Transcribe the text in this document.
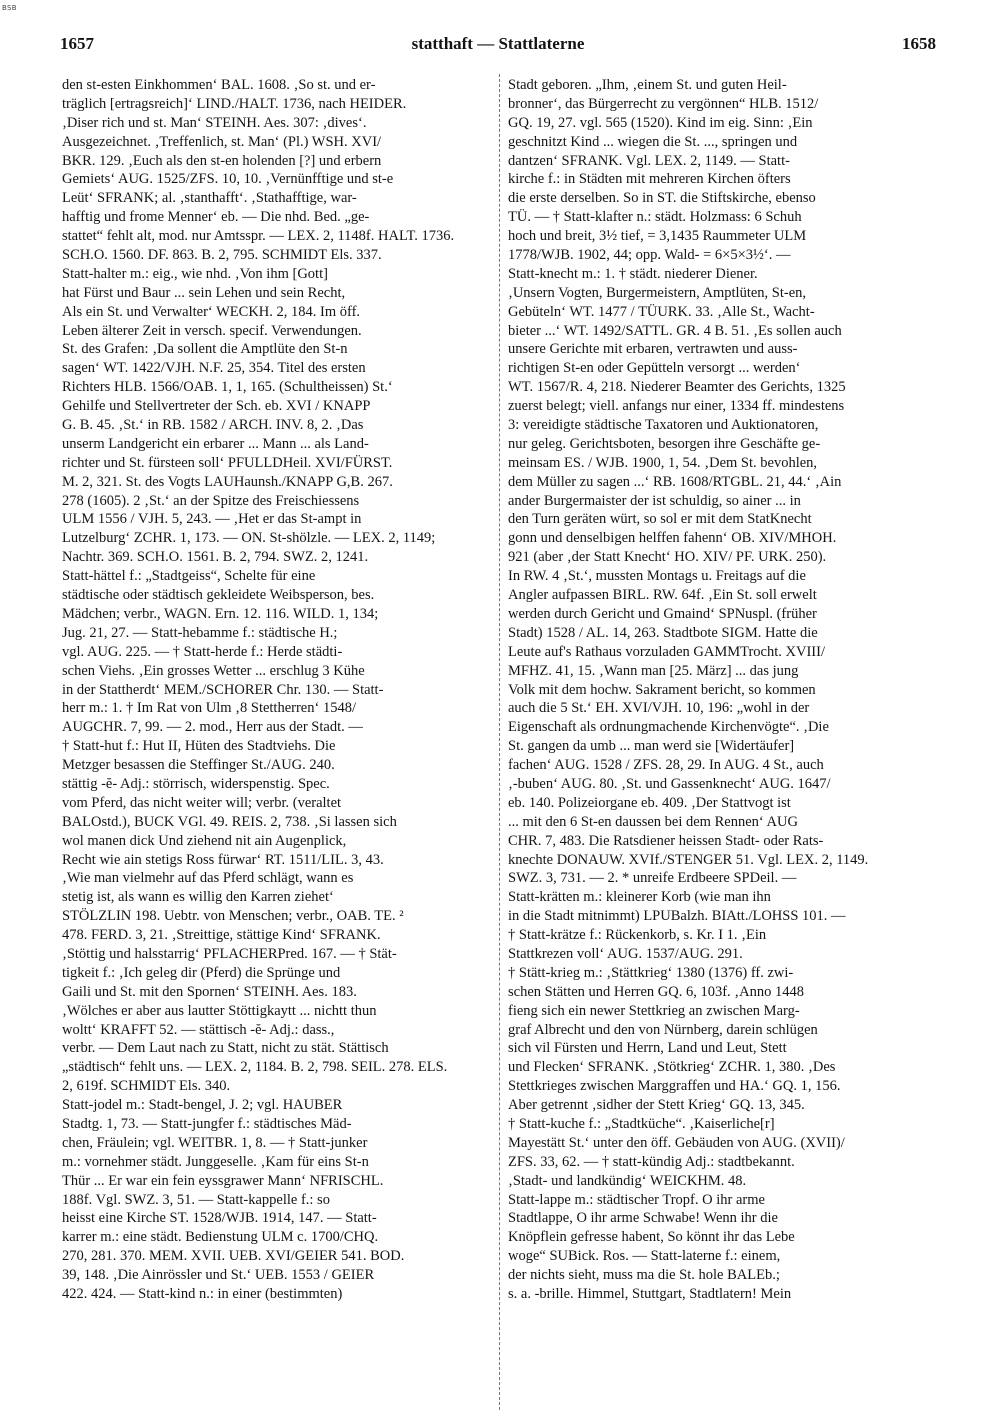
BSB
1657	statthaft — Stattlaterne	1658
den st-esten Einkhommen‘ BAL. 1608. ‚So st. und er-
träglich [ertragsreich]‘ LIND./HALT. 1736, nach HEIDER.
‚Diser rich und st. Man‘ STEINH. Aes. 307: ‚dives‘.
Ausgezeichnet. ‚Treffenlich, st. Man‘ (Pl.) WSH. XVI/
BKR. 129. ‚Euch als den st-en holenden [?] und erbern
Gemiets‘ AUG. 1525/ZFS. 10, 10. ‚Vernünfftige und st-e
Leüt‘ SFRANK; al. ‚stanthafft‘. ‚Stathafftige, war-
hafftig und frome Menner‘ eb. — Die nhd. Bed. „ge-
stattet“ fehlt alt, mod. nur Amtsspr. — LEX. 2, 1148f. HALT. 1736.
SCH.O. 1560. DF. 863. B. 2, 795. SCHMIDT Els. 337.
Statt-halter m.: eig., wie nhd. ‚Von ihm [Gott]
hat Fürst und Baur ... sein Lehen und sein Recht,
Als ein St. und Verwalter‘ WECKH. 2, 184. Im öff.
Leben älterer Zeit in versch. specif. Verwendungen.
St. des Grafen: ‚Da sollent die Amptlüte den St-n
sagen‘ WT. 1422/VJH. N.F. 25, 354. Titel des ersten
Richters HLB. 1566/OAB. 1, 1, 165. (Schultheissen) St.‘
Gehilfe und Stellvertreter der Sch. eb. XVI / KNAPP
G. B. 45. ‚St.‘ in RB. 1582 / ARCH. INV. 8, 2. ‚Das
unserm Landgericht ein erbarer ... Mann ... als Land-
richter und St. fürsteen soll‘ PFULLDHeil. XVI/FÜRST.
M. 2, 321. St. des Vogts LAUHaunsh./KNAPP G,B. 267.
278 (1605). 2 ‚St.‘ an der Spitze des Freischiessens
ULM 1556 / VJH. 5, 243. — ‚Het er das St-ampt in
Lutzelburg‘ ZCHR. 1, 173. — ON. St-shölzle. — LEX. 2, 1149;
Nachtr. 369. SCH.O. 1561. B. 2, 794. SWZ. 2, 1241.
Statt-hättel f.: „Stadtgeiss“, Schelte für eine
städtische oder städtisch gekleidete Weibsperson, bes.
Mädchen; verbr., WAGN. Ern. 12. 116. WILD. 1, 134;
Jug. 21, 27. — Statt-hebamme f.: städtische H.;
vgl. AUG. 225. — † Statt-herde f.: Herde städti-
schen Viehs. ‚Ein grosses Wetter ... erschlug 3 Kühe
in der Stattherdt‘ MEM./SCHORER Chr. 130. — Statt-
herr m.: 1. † Im Rat von Ulm ‚8 Stettherren‘ 1548/
AUGCHR. 7, 99. — 2. mod., Herr aus der Stadt. —
† Statt-hut f.: Hut II, Hüten des Stadtviehs. Die
Metzger besassen die Steffinger St./AUG. 240.
stättig -ĕ- Adj.: störrisch, widerspenstig. Spec.
vom Pferd, das nicht weiter will; verbr. (veraltet
BALOstd.), BUCK VGl. 49. REIS. 2, 738. ‚Si lassen sich
wol manen dick Und ziehend nit ain Augenplick,
Recht wie ain stetigs Ross fürwar‘ RT. 1511/LIL. 3, 43.
‚Wie man vielmehr auf das Pferd schlägt, wann es
stetig ist, als wann es willig den Karren ziehet‘
STÖLZLIN 198. Uebtr. von Menschen; verbr., OAB. TE. ²
478. FERD. 3, 21. ‚Streittige, stättige Kind‘ SFRANK.
‚Stöttig und halsstarrig‘ PFLACHERPred. 167. — † Stät-
tigkeit f.: ‚Ich geleg dir (Pferd) die Sprünge und
Gaili und St. mit den Spornen‘ STEINH. Aes. 183.
‚Wölches er aber aus lautter Stöttigkaytt ... nichtt thun
woltt‘ KRAFFT 52. — stättisch -ĕ- Adj.: dass.,
verbr. — Dem Laut nach zu Statt, nicht zu stät. Stättisch
„städtisch“ fehlt uns. — LEX. 2, 1184. B. 2, 798. SEIL. 278. ELS.
2, 619f. SCHMIDT Els. 340.
Statt-jodel m.: Stadt-bengel, J. 2; vgl. HAUBER
Stadtg. 1, 73. — Statt-jungfer f.: städtisches Mäd-
chen, Fräulein; vgl. WEITBR. 1, 8. — † Statt-junker
m.: vornehmer städt. Junggeselle. ‚Kam für eins St-n
Thür ... Er war ein fein eyssgrawer Mann‘ NFRISCHL.
188f. Vgl. SWZ. 3, 51. — Statt-kappelle f.: so
heisst eine Kirche ST. 1528/WJB. 1914, 147. — Statt-
karrer m.: eine städt. Bedienstung ULM c. 1700/CHQ.
270, 281. 370. MEM. XVII. UEB. XVI/GEIER 541. BOD.
39, 148. ‚Die Ainrössler und St.‘ UEB. 1553 / GEIER
422. 424. — Statt-kind n.: in einer (bestimmten)
Stadt geboren. „Ihm, ‚einem St. und guten Heil-
bronner‘, das Bürgerrecht zu vergönnen“ HLB. 1512/
GQ. 19, 27. vgl. 565 (1520). Kind im eig. Sinn: ‚Ein
geschnitzt Kind ... wiegen die St. ..., springen und
dantzen‘ SFRANK. Vgl. LEX. 2, 1149. — Statt-
kirche f.: in Städten mit mehreren Kirchen öfters
die erste derselben. So in ST. die Stiftskirche, ebenso
TÜ. — † Statt-klafter n.: städt. Holzmass: 6 Schuh
hoch und breit, 3½ tief, = 3,1435 Raummeter ULM
1778/WJB. 1902, 44; opp. Wald- = 6×5×3½‘. —
Statt-knecht m.: 1. † städt. niederer Diener.
‚Unsern Vogten, Burgermeistern, Amptlüten, St-en,
Gebüteln‘ WT. 1477 / TÜURK. 33. ‚Alle St., Wacht-
bieter ...‘ WT. 1492/SATTL. GR. 4 B. 51. ‚Es sollen auch
unsere Gerichte mit erbaren, vertrawten und auss-
richtigen St-en oder Gepütteln versorgt ... werden‘
WT. 1567/R. 4, 218. Niederer Beamter des Gerichts, 1325
zuerst belegt; viell. anfangs nur einer, 1334 ff. mindestens
3: vereidigte städtische Taxatoren und Auktionatoren,
nur geleg. Gerichtsboten, besorgen ihre Geschäfte ge-
meinsam ES. / WJB. 1900, 1, 54. ‚Dem St. bevohlen,
dem Müller zu sagen ...‘ RB. 1608/RTGBL. 21, 44.‘ ‚Ain
ander Burgermaister der ist schuldig, so ainer ... in
den Turn geräten würt, so sol er mit dem StatKnecht
gonn und denselbigen helffen fahenn‘ OB. XIV/MHOH.
921 (aber ‚der Statt Knecht‘ HO. XIV/ PF. URK. 250).
In RW. 4 ‚St.‘, mussten Montags u. Freitags auf die
Angler aufpassen BIRL. RW. 64f. ‚Ein St. soll erwelt
werden durch Gericht und Gmaind‘ SPNuspl. (früher
Stadt) 1528 / AL. 14, 263. Stadtbote SIGM. Hatte die
Leute auf's Rathaus vorzuladen GAMMTrocht. XVIII/
MFHZ. 41, 15. ‚Wann man [25. März] ... das jung
Volk mit dem hochw. Sakrament bericht, so kommen
auch die 5 St.‘ EH. XVI/VJH. 10, 196: „wohl in der
Eigenschaft als ordnungmachende Kirchenvögte“. ‚Die
St. gangen da umb ... man werd sie [Widertäufer]
fachen‘ AUG. 1528 / ZFS. 28, 29. In AUG. 4 St., auch
‚-buben‘ AUG. 80. ‚St. und Gassenknecht‘ AUG. 1647/
eb. 140. Polizeiorgane eb. 409. ‚Der Stattvogt ist
... mit den 6 St-en daussen bei dem Rennen‘ AUG
CHR. 7, 483. Die Ratsdiener heissen Stadt- oder Rats-
knechte DONAUW. XVIf./STENGER 51. Vgl. LEX. 2, 1149.
SWZ. 3, 731. — 2. * unreife Erdbeere SPDeil. —
Statt-krätten m.: kleinerer Korb (wie man ihn
in die Stadt mitnimmt) LPUBalzh. BIAtt./LOHSS 101. —
† Statt-krätze f.: Rückenkorb, s. Kr. I 1. ‚Ein
Stattkrezen voll‘ AUG. 1537/AUG. 291.
† Stätt-krieg m.: ‚Stättkrieg‘ 1380 (1376) ff. zwi-
schen Stätten und Herren GQ. 6, 103f. ‚Anno 1448
fieng sich ein newer Stettkrieg an zwischen Marg-
graf Albrecht und den von Nürnberg, darein schlügen
sich vil Fürsten und Herrn, Land und Leut, Stett
und Flecken‘ SFRANK. ‚Stötkrieg‘ ZCHR. 1, 380. ‚Des
Stettkrieges zwischen Marggraffen und HA.‘ GQ. 1, 156.
Aber getrennt ‚sidher der Stett Krieg‘ GQ. 13, 345.
† Statt-kuche f.: „Stadtküche“. ‚Kaiserliche[r]
Mayestätt St.‘ unter den öff. Gebäuden von AUG. (XVII)/
ZFS. 33, 62. — † statt-kündig Adj.: stadtbekannt.
‚Stadt- und landkündig‘ WEICKHM. 48.
Statt-lappe m.: städtischer Tropf. O ihr arme
Stadtlappe, O ihr arme Schwabe! Wenn ihr die
Knöpflein gefresse habent, So könnt ihr das Lebe
woge“ SUBick. Ros. — Statt-laterne f.: einem,
der nichts sieht, muss ma die St. hole BALEb.;
s. a. -brille. Himmel, Stuttgart, Stadtlatern! Mein
